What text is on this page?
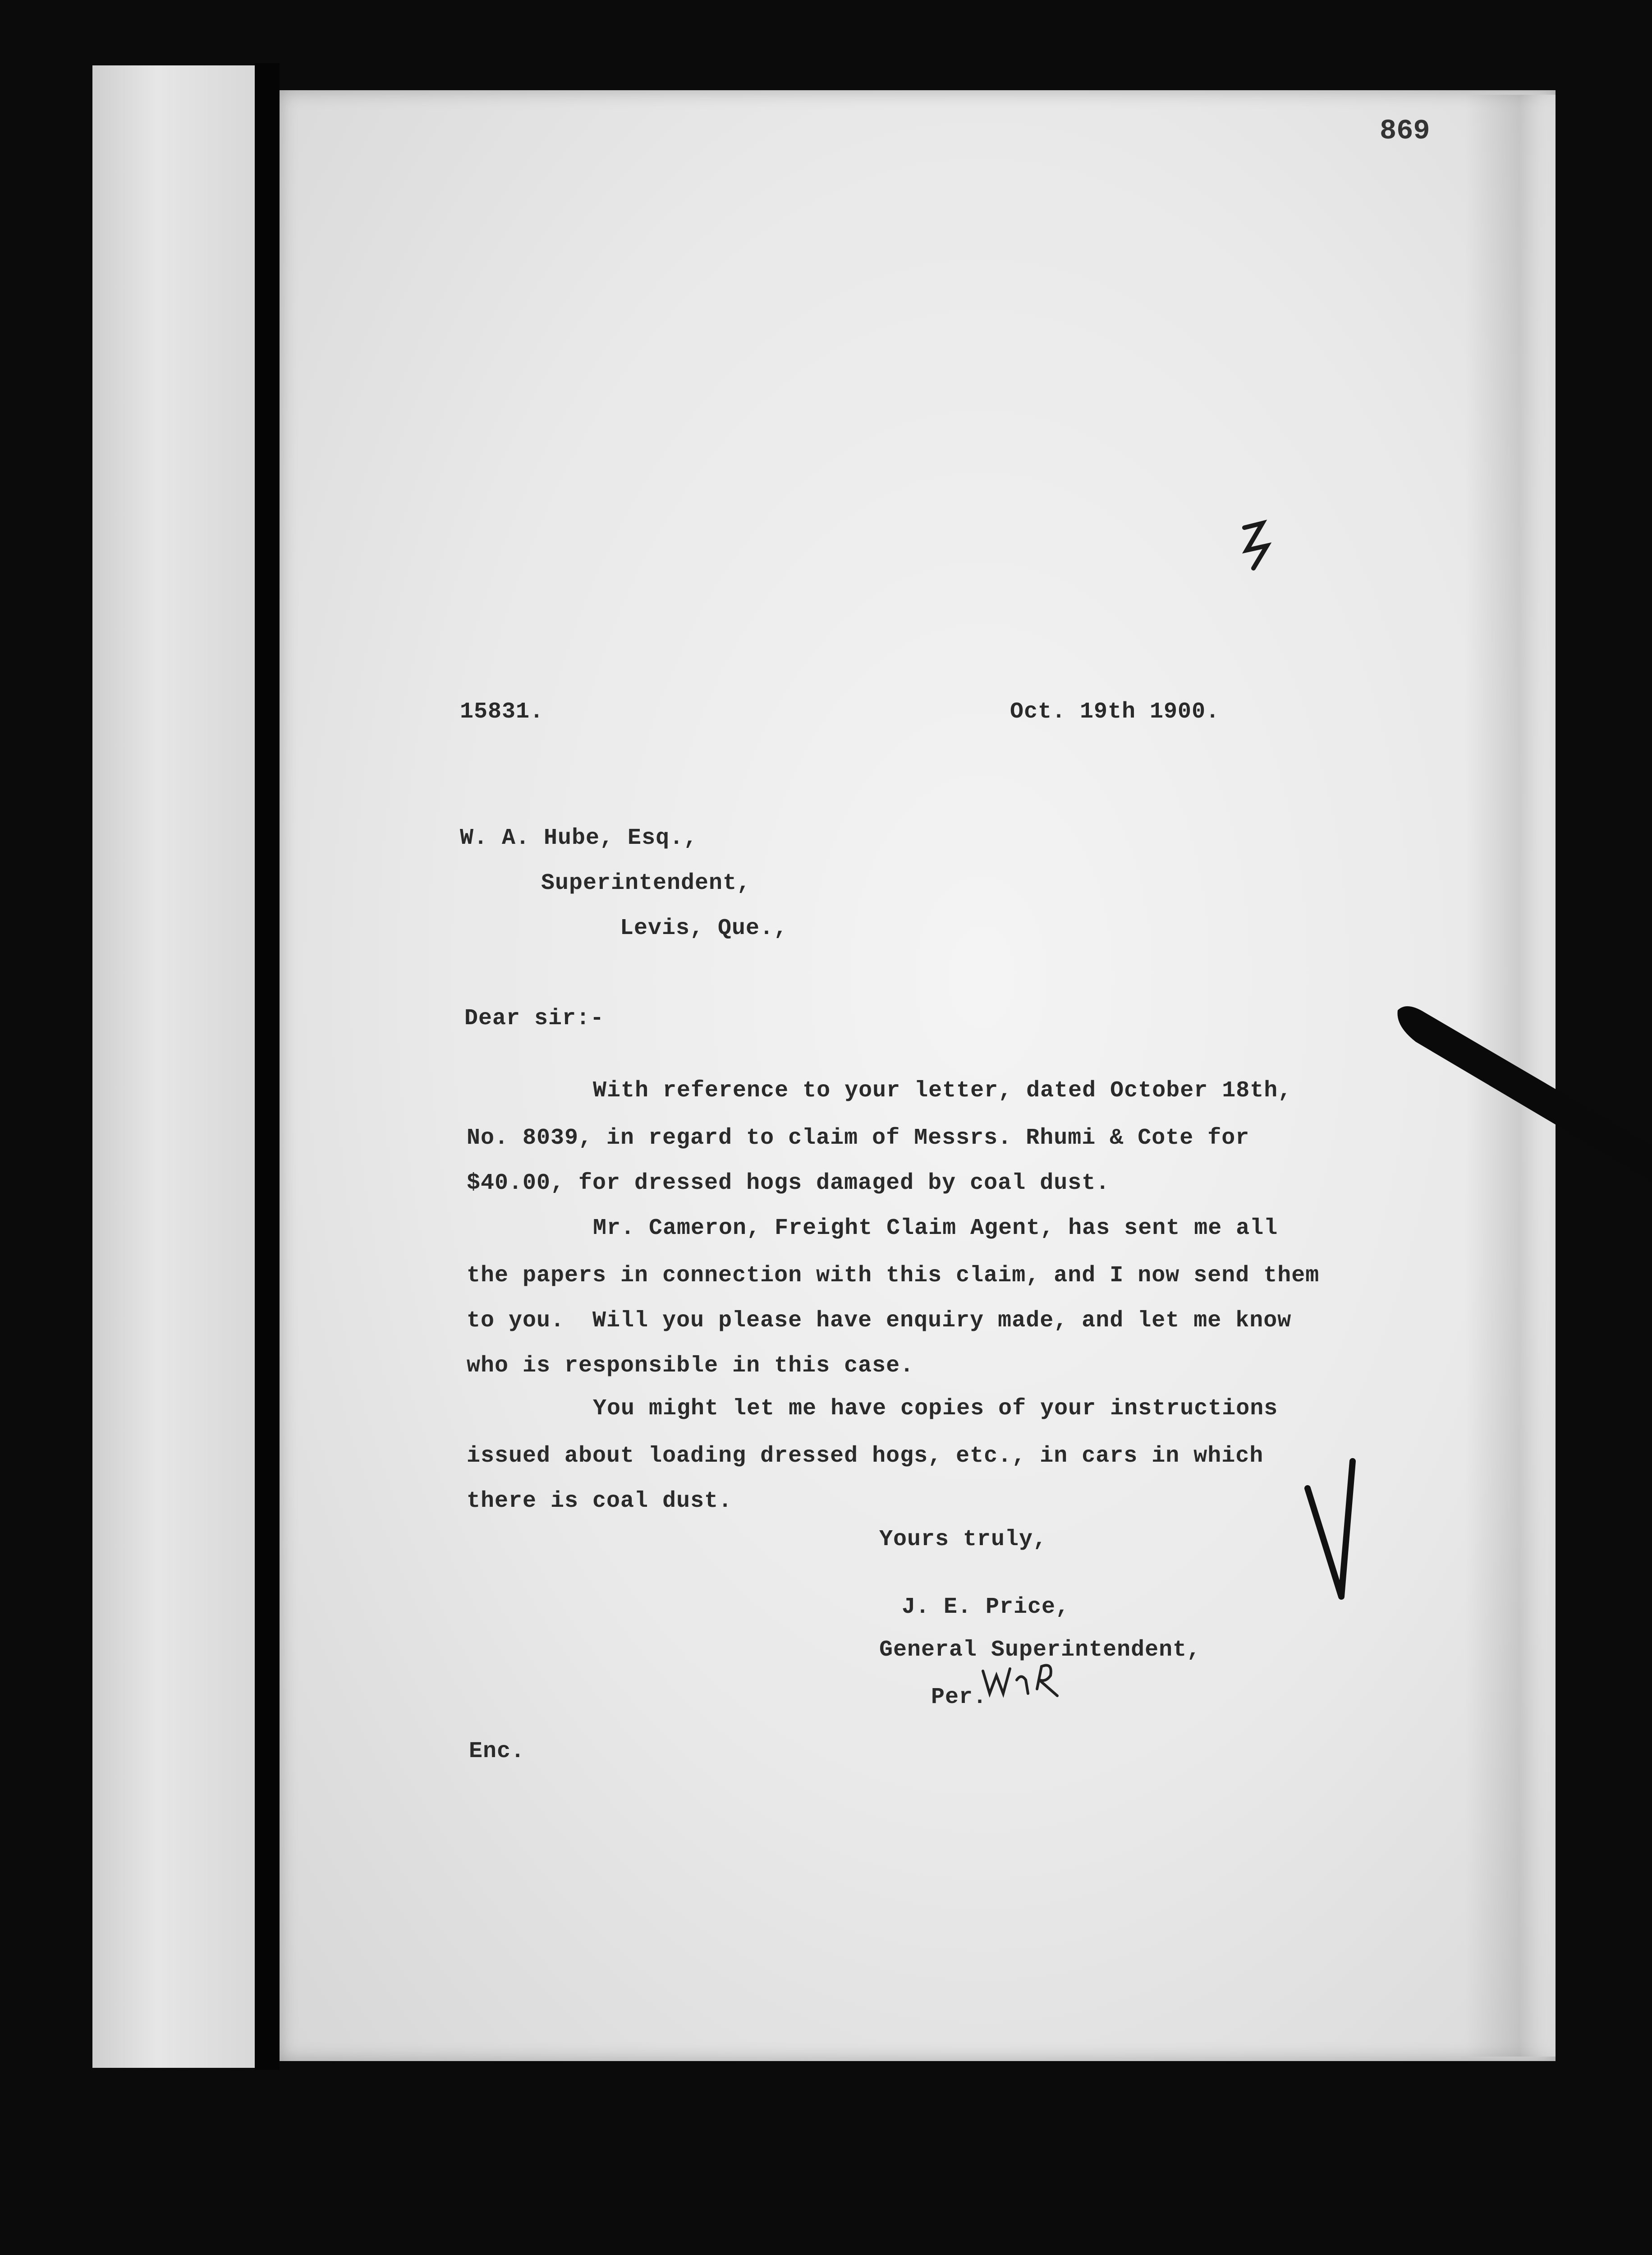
869
15831.	Oct. 19th 1900.
W. A. Hube, Esq.,
Superintendent,
Levis, Que.,
Dear sir:-
With reference to your letter, dated October 18th,
No. 8039, in regard to claim of Messrs. Rhumi & Cote for
$40.00, for dressed hogs damaged by coal dust.
Mr. Cameron, Freight Claim Agent, has sent me all
the papers in connection with this claim, and I now send them
to you.  Will you please have enquiry made, and let me know
who is responsible in this case.
You might let me have copies of your instructions
issued about loading dressed hogs, etc., in cars in which
there is coal dust.
Yours truly,
J. E. Price,
General Superintendent,
Per.
Enc.
